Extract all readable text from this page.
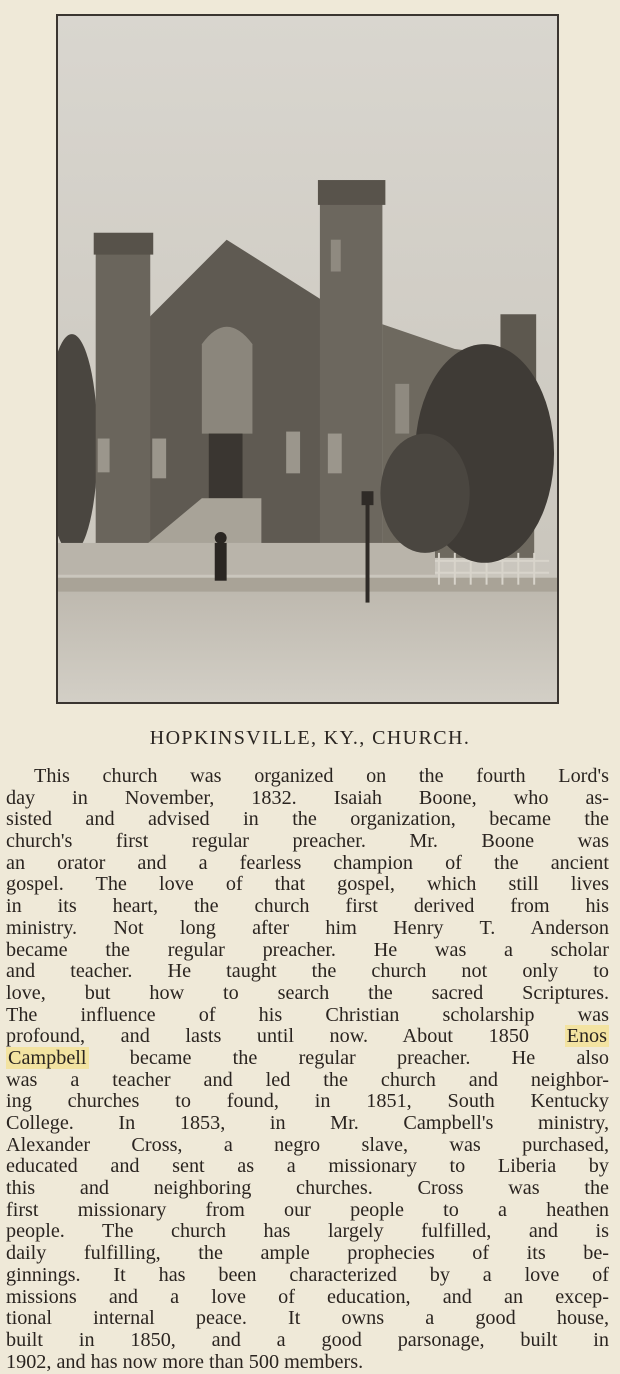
HOPKINSVILLE, KY., CHURCH.
This church was organized on the fourth Lord's
day in November, 1832. Isaiah Boone, who as-
sisted and advised in the organization, became the
church's first regular preacher. Mr. Boone was
an orator and a fearless champion of the ancient
gospel. The love of that gospel, which still lives
in its heart, the church first derived from his
ministry. Not long after him Henry T. Anderson
became the regular preacher. He was a scholar
and teacher. He taught the church not only to
love, but how to search the sacred Scriptures.
The influence of his Christian scholarship was
profound, and lasts until now. About 1850 Enos
Campbell became the regular preacher. He also
was a teacher and led the church and neighbor-
ing churches to found, in 1851, South Kentucky
College. In 1853, in Mr. Campbell's ministry,
Alexander Cross, a negro slave, was purchased,
educated and sent as a missionary to Liberia by
this and neighboring churches. Cross was the
first missionary from our people to a heathen
people. The church has largely fulfilled, and is
daily fulfilling, the ample prophecies of its be-
ginnings. It has been characterized by a love of
missions and a love of education, and an excep-
tional internal peace. It owns a good house,
built in 1850, and a good parsonage, built in
1902, and has now more than 500 members.
